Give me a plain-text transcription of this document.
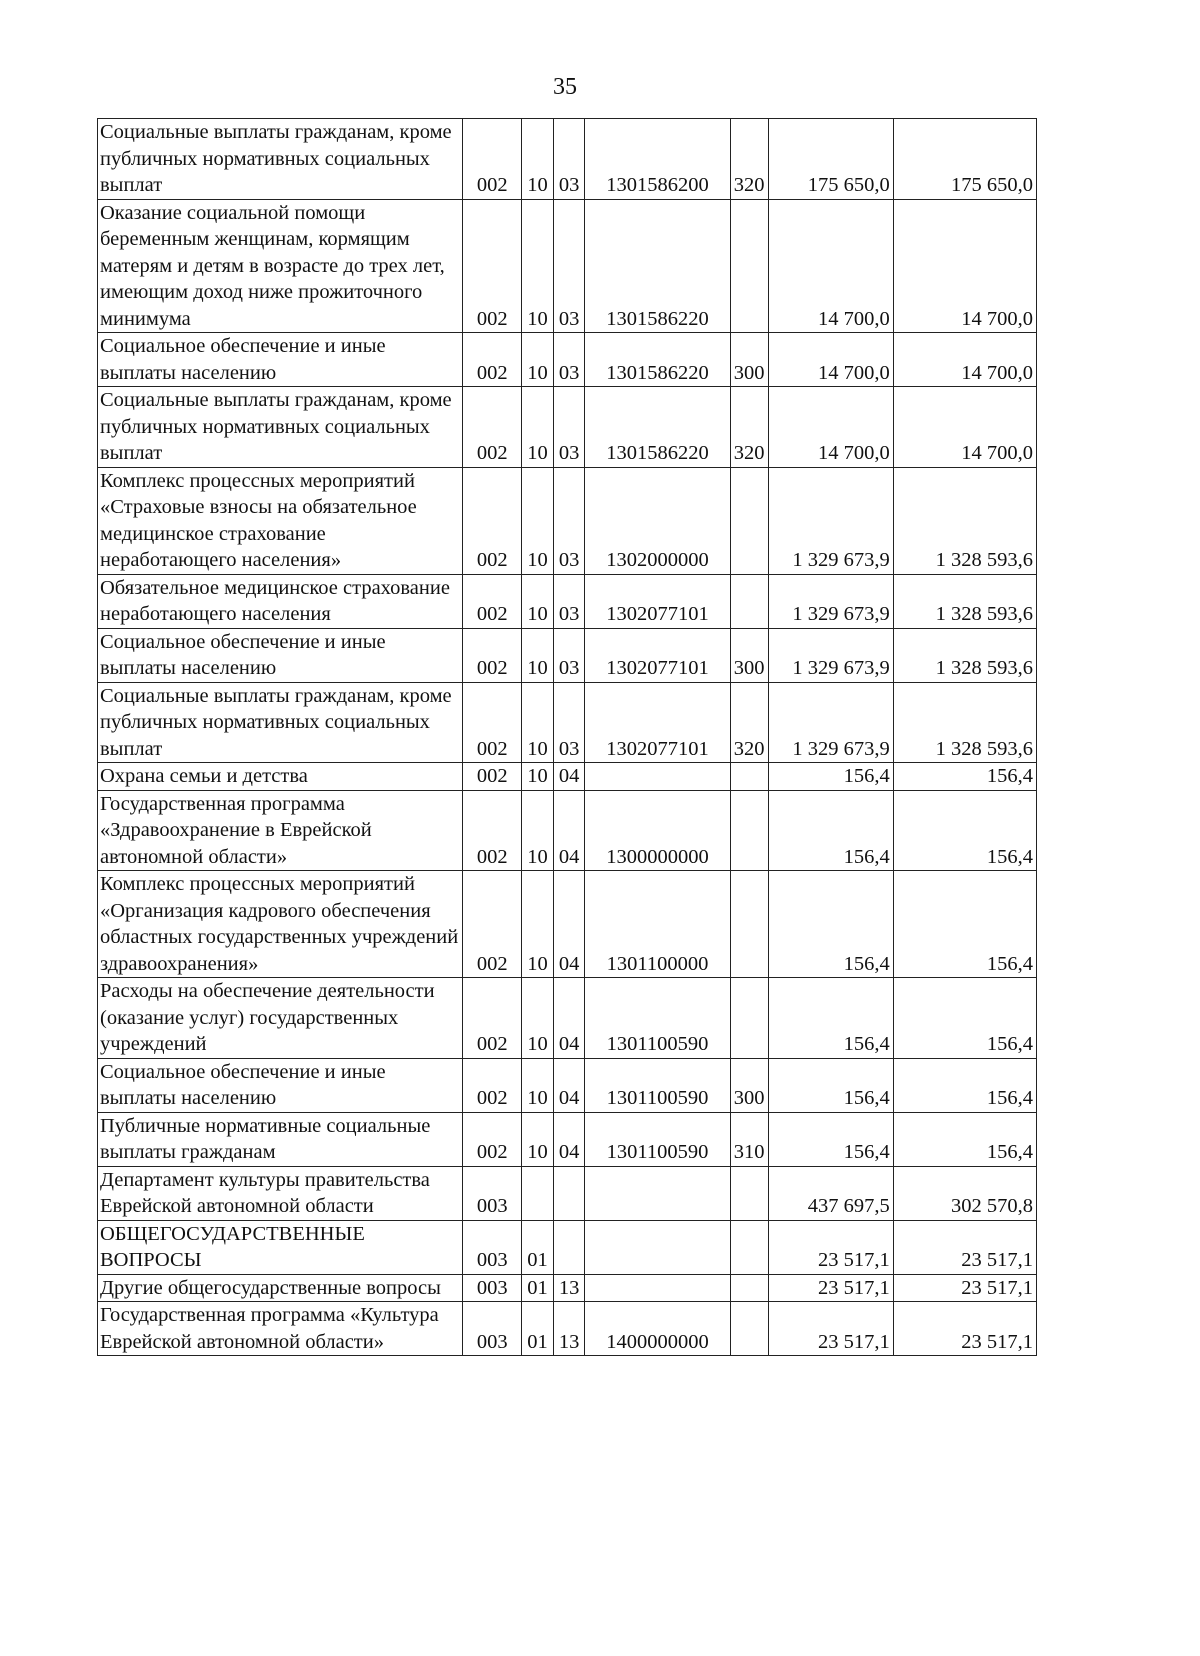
35
Социальные выплаты гражданам, кроме публичных нормативных социальных выплат	002	10	03	1301586200	320	175 650,0	175 650,0
Оказание социальной помощи беременным женщинам, кормящим матерям и детям в возрасте до трех лет, имеющим доход ниже прожиточного минимума	002	10	03	1301586220		14 700,0	14 700,0
Социальное обеспечение и иные выплаты населению	002	10	03	1301586220	300	14 700,0	14 700,0
Социальные выплаты гражданам, кроме публичных нормативных социальных выплат	002	10	03	1301586220	320	14 700,0	14 700,0
Комплекс процессных мероприятий «Страховые взносы на обязательное медицинское страхование неработающего населения»	002	10	03	1302000000		1 329 673,9	1 328 593,6
Обязательное медицинское страхование неработающего населения	002	10	03	1302077101		1 329 673,9	1 328 593,6
Социальное обеспечение и иные выплаты населению	002	10	03	1302077101	300	1 329 673,9	1 328 593,6
Социальные выплаты гражданам, кроме публичных нормативных социальных выплат	002	10	03	1302077101	320	1 329 673,9	1 328 593,6
Охрана семьи и детства	002	10	04			156,4	156,4
Государственная программа «Здравоохранение в Еврейской автономной области»	002	10	04	1300000000		156,4	156,4
Комплекс процессных мероприятий «Организация кадрового обеспечения областных государственных учреждений здравоохранения»	002	10	04	1301100000		156,4	156,4
Расходы на обеспечение деятельности (оказание услуг) государственных учреждений	002	10	04	1301100590		156,4	156,4
Социальное обеспечение и иные выплаты населению	002	10	04	1301100590	300	156,4	156,4
Публичные нормативные социальные выплаты гражданам	002	10	04	1301100590	310	156,4	156,4
Департамент культуры правительства Еврейской автономной области	003					437 697,5	302 570,8
ОБЩЕГОСУДАРСТВЕННЫЕ ВОПРОСЫ	003	01				23 517,1	23 517,1
Другие общегосударственные вопросы	003	01	13			23 517,1	23 517,1
Государственная программа «Культура Еврейской автономной области»	003	01	13	1400000000		23 517,1	23 517,1
